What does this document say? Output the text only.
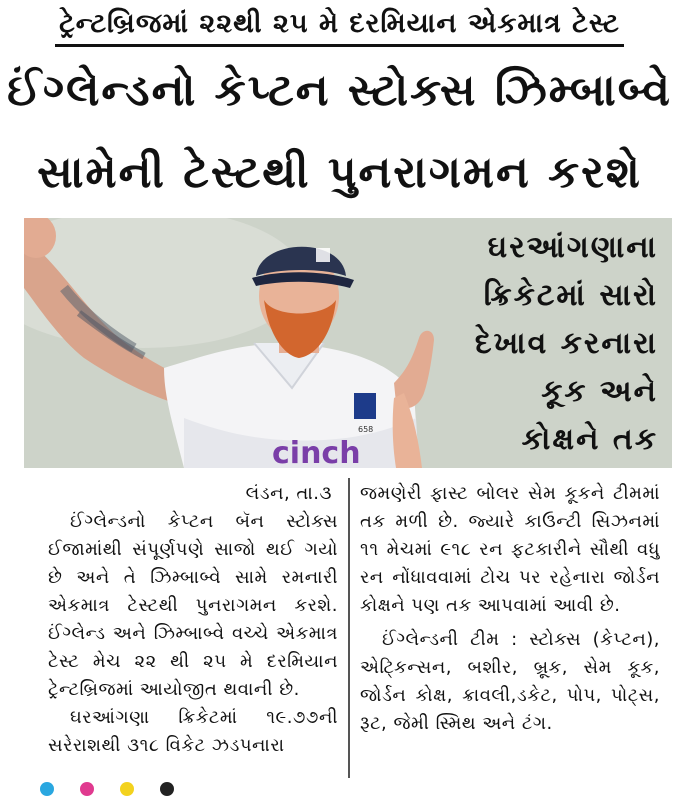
ટ્રેન્ટબ્રિજમાં ૨૨થી ૨૫ મે દરમિયાન એકમાત્ર ટેસ્ટ
ઈંગ્લેન્ડનો કેપ્ટન સ્ટોક્સ ઝિમ્બાબ્વે
સામેની ટેસ્ટથી પુનરાગમન કરશે
cinch
658
ઘરઆંગણાના
ક્રિકેટમાં સારો
દેખાવ કરનારા
કૂક અને
કોક્ષને તક
લંડન, તા.૩

ઈંગ્લેન્ડનો કેપ્ટન બૅન સ્ટોક્સ ઈજામાંથી સંપૂર્ણપણે સાજો થઈ ગયો છે અને તે ઝિમ્બાબ્વે સામે રમનારી એકમાત્ર ટેસ્ટથી પુનરાગમન કરશે. ઈંગ્લેન્ડ અને ઝિમ્બાબ્વે વચ્ચે એકમાત્ર ટેસ્ટ મેચ ૨૨ થી ૨૫ મે દરમિયાન ટ્રેન્ટબ્રિજમાં આયોજીત થવાની છે.

ઘરઆંગણા ક્રિકેટમાં ૧૯.૭૭ની સરેરાશથી ૩૧૮ વિકેટ ઝડપનારા

જમણેરી ફાસ્ટ બોલર સેમ કૂકને ટીમમાં તક મળી છે. જ્યારે કાઉન્ટી સિઝનમાં ૧૧ મેચમાં ૯૧૮ રન ફટકારીને સૌથી વધુ રન નોંધાવવામાં ટોચ પર રહેનારા જોર્ડન કોક્ષને પણ તક આપવામાં આવી છે.

ઈંગ્લેન્ડની ટીમ : સ્ટોક્સ (કેપ્ટન), એટ્કિન્સન, બશીર, બ્રૂક, સેમ કૂક, જોર્ડન કોક્ષ, ક્રાવલી,ડકેટ, પોપ, પોટ્સ, રૂટ, જેમી સ્મિથ અને ટંગ.
